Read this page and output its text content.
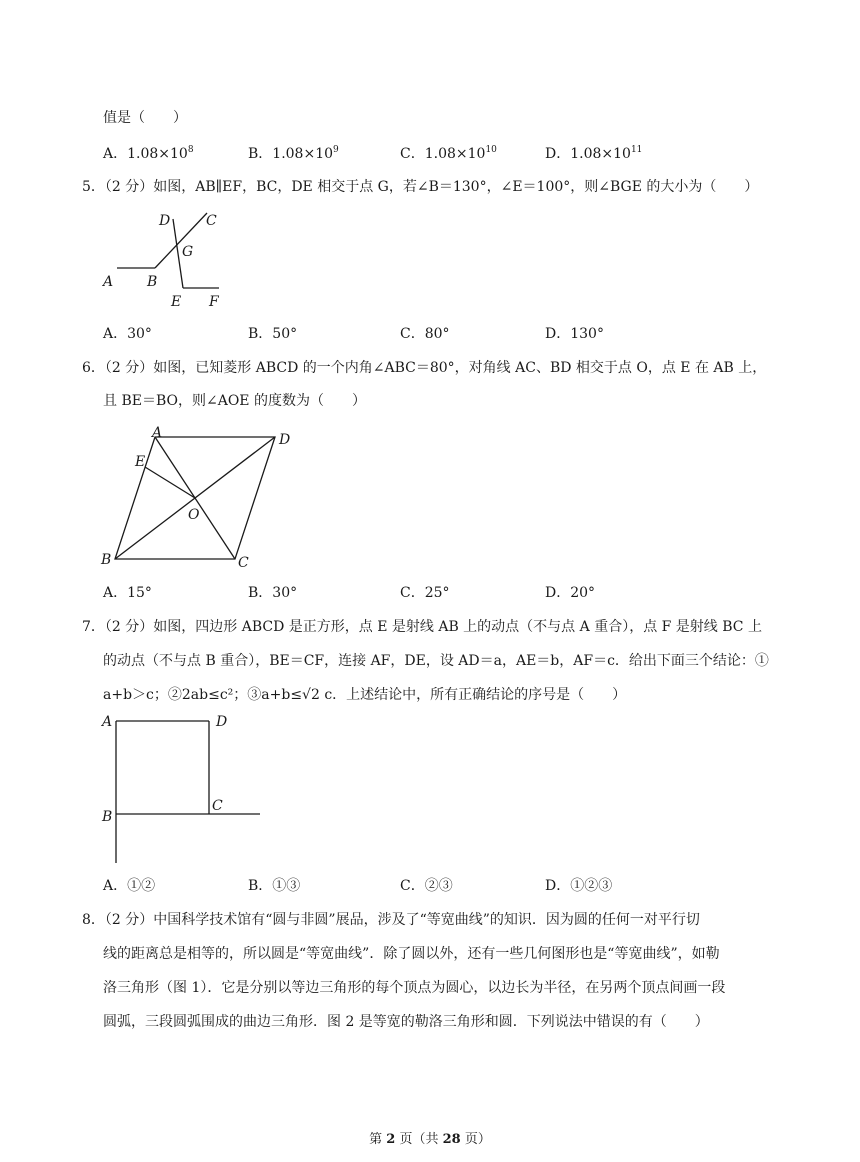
值是（　　）
A．$1.08\times 10^8$	B．$1.08\times 10^9$	C．$1.08\times 10^{10}$	D．$1.08\times 10^{11}$
5．（2 分）如图，AB∥EF，BC，DE 相交于点 G，若∠B＝130°，∠E＝100°，则∠BGE 的大小为（　　）
D	C
G
A B
E F
A．30°	B．50°	C．80°	D．130°
6．（2 分）如图，已知菱形 ABCD 的一个内角∠ABC＝80°，对角线 AC、BD 相交于点 O，点 E 在 AB 上，
且 BE＝BO，则∠AOE 的度数为（　　）
A	D
E
O
B	C
A．15°	B．30°	C．25°	D．20°
7．（2 分）如图，四边形 ABCD 是正方形，点 E 是射线 AB 上的动点（不与点 A 重合），点 F 是射线 BC 上
的动点（不与点 B 重合），BE＝CF，连接 AF，DE，设 AD＝a，AE＝b，AF＝c．给出下面三个结论：①
a+b＞c；②2ab≤c²；③a+b≤√2 c．上述结论中，所有正确结论的序号是（　　）
A	D
B
C
A．①②	B．①③	C．②③	D．①②③
8．（2 分）中国科学技术馆有“圆与非圆”展品，涉及了“等宽曲线”的知识．因为圆的任何一对平行切
线的距离总是相等的，所以圆是“等宽曲线”．除了圆以外，还有一些几何图形也是“等宽曲线”，如勒
洛三角形（图 1）．它是分别以等边三角形的每个顶点为圆心，以边长为半径，在另两个顶点间画一段
圆弧，三段圆弧围成的曲边三角形．图 2 是等宽的勒洛三角形和圆．下列说法中错误的有（　　）
第 2 页（共 28 页）
